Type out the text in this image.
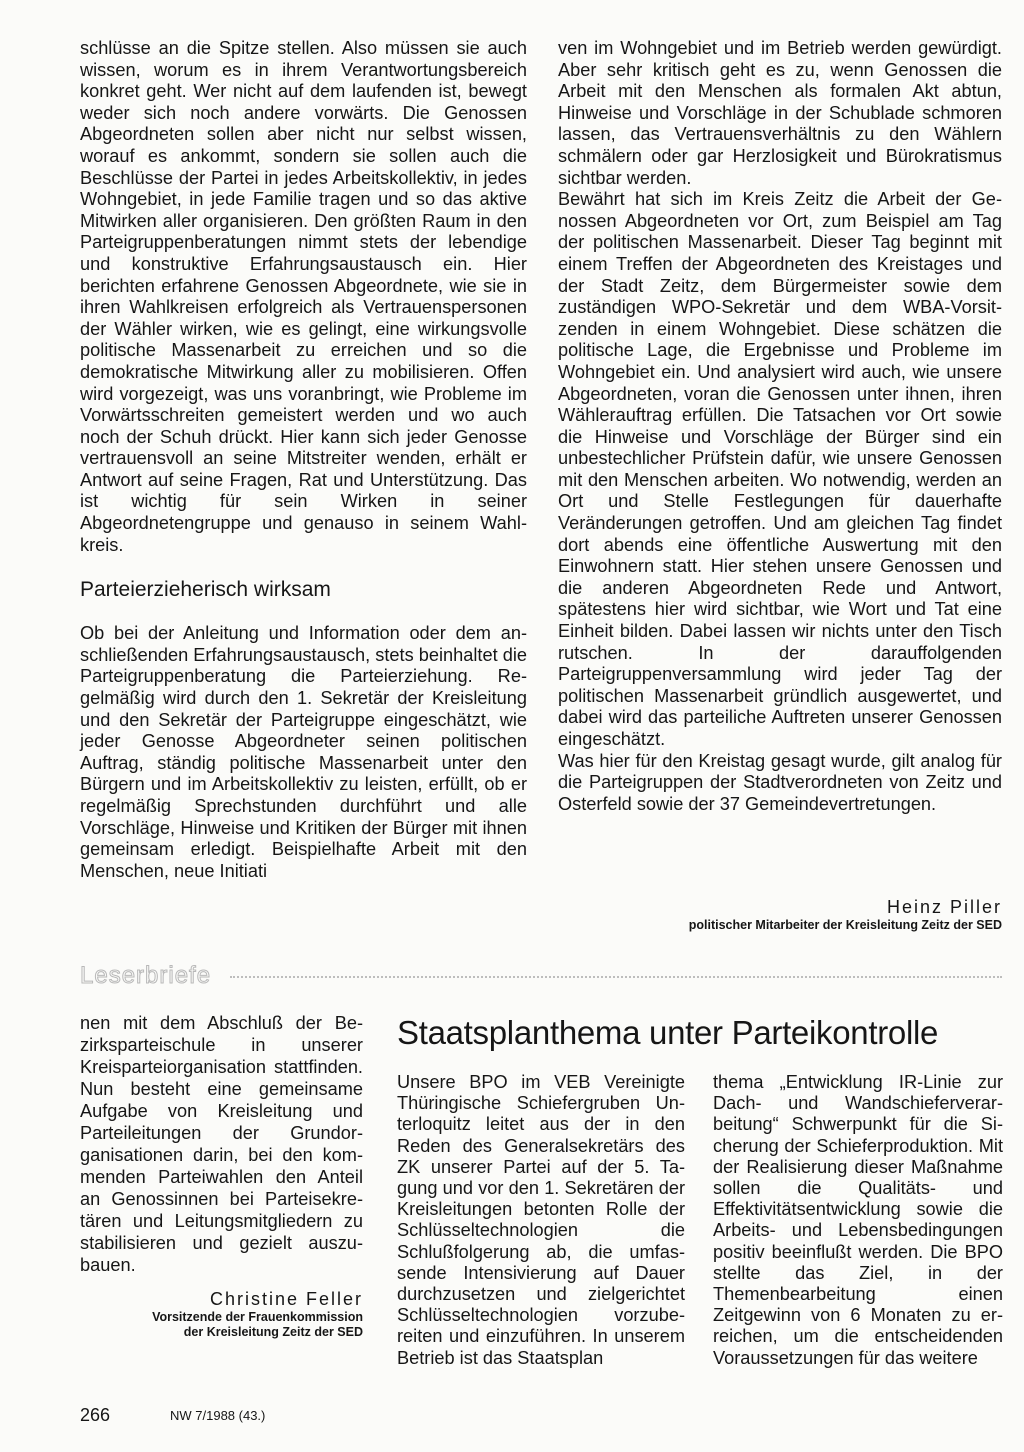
schlüsse an die Spitze stellen. Also müssen sie auch wissen, worum es in ihrem Verantwortungsbereich konkret geht. Wer nicht auf dem laufenden ist, bewegt weder sich noch andere vorwärts. Die Genossen Abgeordneten sollen aber nicht nur selbst wissen, worauf es ankommt, sondern sie sollen auch die Beschlüsse der Partei in jedes Arbeitskollektiv, in jedes Wohngebiet, in jede Familie tragen und so das aktive Mitwirken aller organisieren. Den größten Raum in den Parteigruppenberatungen nimmt stets der lebendige und konstruktive Erfahrungsaustausch ein. Hier berichten erfahrene Genossen Abgeordnete, wie sie in ihren Wahlkreisen erfolgreich als Vertrauenspersonen der Wähler wirken, wie es gelingt, eine wirkungsvolle politische Massenarbeit zu erreichen und so die demokratische Mitwirkung aller zu mobilisieren. Offen wird vorgezeigt, was uns voranbringt, wie Probleme im Vorwärtsschreiten gemeistert werden und wo auch noch der Schuh drückt. Hier kann sich jeder Genosse vertrauensvoll an seine Mitstreiter wenden, erhält er Antwort auf seine Fragen, Rat und Unterstützung. Das ist wichtig für sein Wirken in seiner Abgeordnetengruppe und genauso in seinem Wahlkreis.

Parteierzieherisch wirksam

Ob bei der Anleitung und Information oder dem anschließenden Erfahrungsaustausch, stets beinhaltet die Parteigruppenberatung die Parteierziehung. Regelmäßig wird durch den 1. Sekretär der Kreisleitung und den Sekretär der Parteigruppe eingeschätzt, wie jeder Genosse Abgeordneter seinen politischen Auftrag, ständig politische Massenarbeit unter den Bürgern und im Arbeitskollektiv zu leisten, erfüllt, ob er regelmäßig Sprechstunden durchführt und alle Vorschläge, Hinweise und Kritiken der Bürger mit ihnen gemeinsam erledigt. Beispielhafte Arbeit mit den Menschen, neue Initiati

ven im Wohngebiet und im Betrieb werden gewürdigt. Aber sehr kritisch geht es zu, wenn Genossen die Arbeit mit den Menschen als formalen Akt abtun, Hinweise und Vorschläge in der Schublade schmoren lassen, das Vertrauensverhältnis zu den Wählern schmälern oder gar Herzlosigkeit und Bürokratismus sichtbar werden.

Bewährt hat sich im Kreis Zeitz die Arbeit der Genossen Abgeordneten vor Ort, zum Beispiel am Tag der politischen Massenarbeit. Dieser Tag beginnt mit einem Treffen der Abgeordneten des Kreistages und der Stadt Zeitz, dem Bürgermeister sowie dem zuständigen WPO-Sekretär und dem WBA-Vorsitzenden in einem Wohngebiet. Diese schätzen die politische Lage, die Ergebnisse und Probleme im Wohngebiet ein. Und analysiert wird auch, wie unsere Abgeordneten, voran die Genossen unter ihnen, ihren Wählerauftrag erfüllen. Die Tatsachen vor Ort sowie die Hinweise und Vorschläge der Bürger sind ein unbestechlicher Prüfstein dafür, wie unsere Genossen mit den Menschen arbeiten. Wo notwendig, werden an Ort und Stelle Festlegungen für dauerhafte Veränderungen getroffen. Und am gleichen Tag findet dort abends eine öffentliche Auswertung mit den Einwohnern statt. Hier stehen unsere Genossen und die anderen Abgeordneten Rede und Antwort, spätestens hier wird sichtbar, wie Wort und Tat eine Einheit bilden. Dabei lassen wir nichts unter den Tisch rutschen. In der darauffolgenden Parteigruppenversammlung wird jeder Tag der politischen Massenarbeit gründlich ausgewertet, und dabei wird das parteiliche Auftreten unserer Genossen eingeschätzt.

Was hier für den Kreistag gesagt wurde, gilt analog für die Parteigruppen der Stadtverordneten von Zeitz und Osterfeld sowie der 37 Gemeindevertretungen.

Heinz Piller
politischer Mitarbeiter der Kreisleitung Zeitz der SED
Leserbriefe

nen mit dem Abschluß der Bezirksparteischule in unserer Kreisparteiorganisation stattfinden. Nun besteht eine gemeinsame Aufgabe von Kreisleitung und Parteileitungen der Grundorganisationen darin, bei den kommenden Parteiwahlen den Anteil an Genossinnen bei Parteisekretären und Leitungsmitgliedern zu stabilisieren und gezielt auszubauen.

Christine Feller
Vorsitzende der Frauenkommission
der Kreisleitung Zeitz der SED
Staatsplanthema unter Parteikontrolle

Unsere BPO im VEB Vereinigte Thüringische Schiefergruben Unterloquitz leitet aus der in den Reden des Generalsekretärs des ZK unserer Partei auf der 5. Tagung und vor den 1. Sekretären der Kreisleitungen betonten Rolle der Schlüsseltechnologien die Schlußfolgerung ab, die umfassende Intensivierung auf Dauer durchzusetzen und zielgerichtet Schlüsseltechnologien vorzubereiten und einzuführen. In unserem Betrieb ist das Staatsplan

thema „Entwicklung IR-Linie zur Dach- und Wandschieferverarbeitung“ Schwerpunkt für die Sicherung der Schieferproduktion. Mit der Realisierung dieser Maßnahme sollen die Qualitäts- und Effektivitätsentwicklung sowie die Arbeits- und Lebensbedingungen positiv beeinflußt werden. Die BPO stellte das Ziel, in der Themenbearbeitung einen Zeitgewinn von 6 Monaten zu erreichen, um die entscheidenden Voraussetzungen für das weitere

266	NW 7/1988 (43.)
